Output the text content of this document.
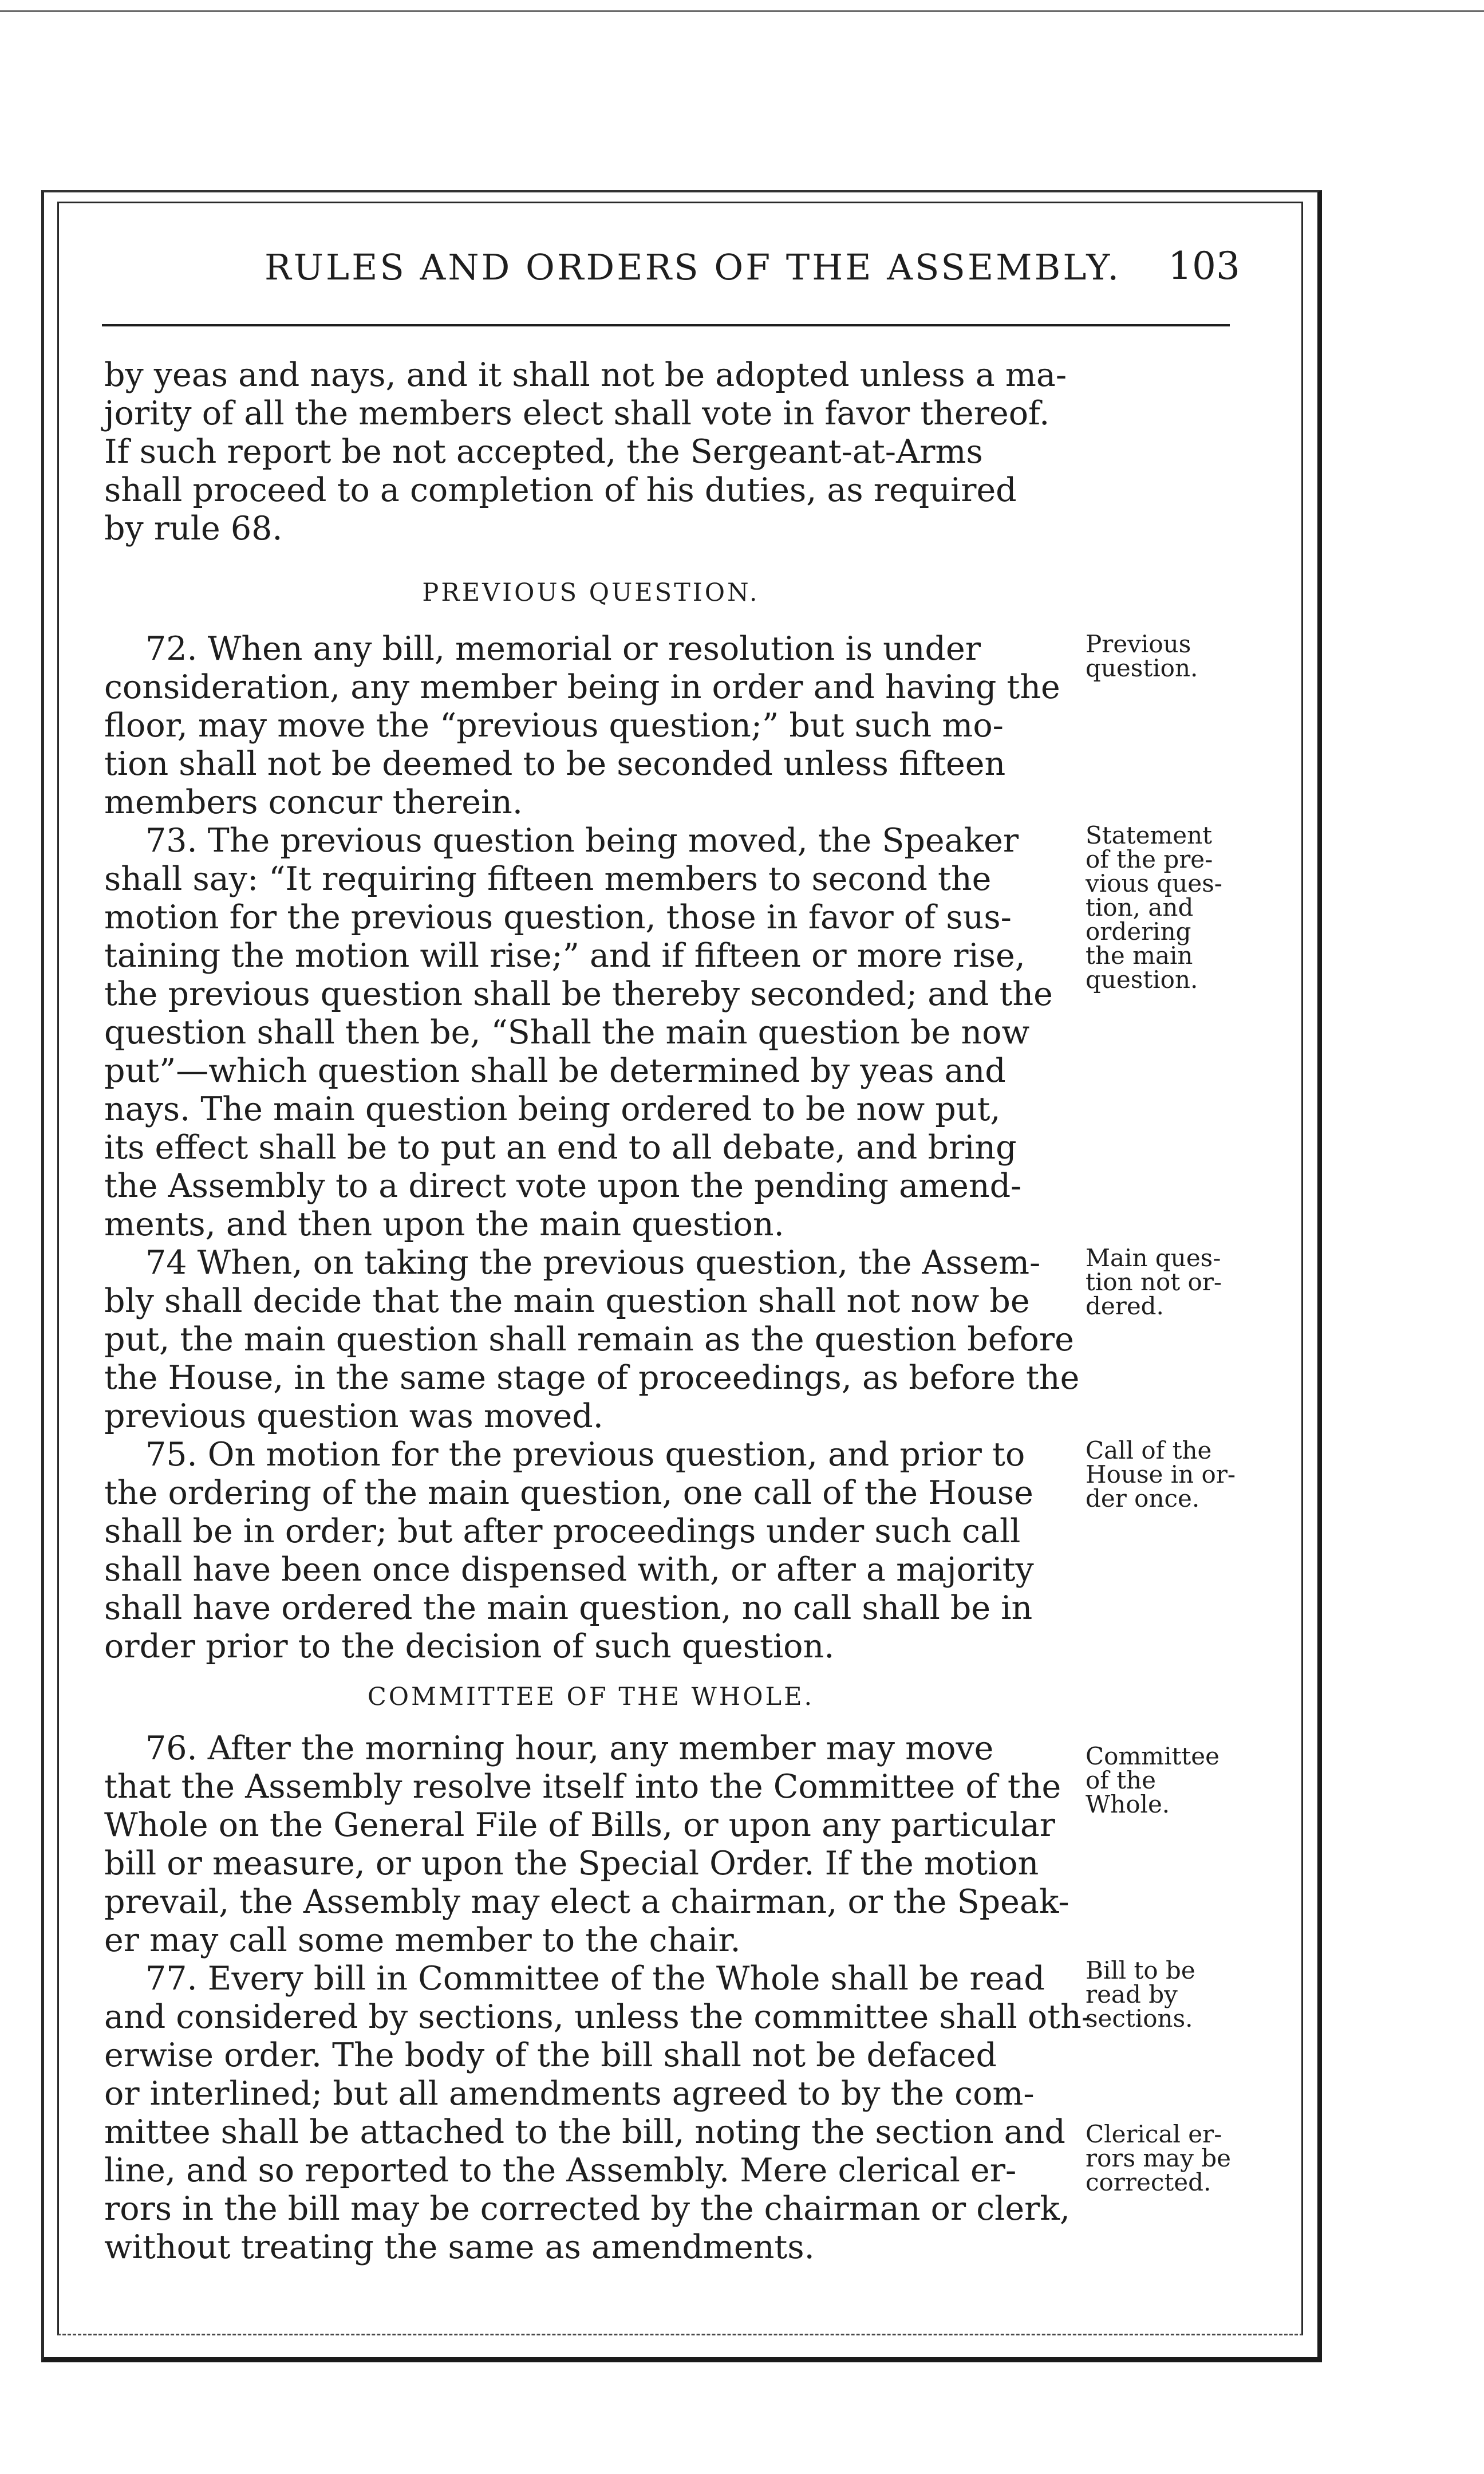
RULES AND ORDERS OF THE ASSEMBLY. 103
by yeas and nays, and it shall not be adopted unless a ma-
jority of all the members elect shall vote in favor thereof.
If such report be not accepted, the Sergeant-at-Arms
shall proceed to a completion of his duties, as required
by rule 68.
PREVIOUS QUESTION.
72. When any bill, memorial or resolution is under
consideration, any member being in order and having the
floor, may move the “previous question;” but such mo-
tion shall not be deemed to be seconded unless fifteen
members concur therein.
73. The previous question being moved, the Speaker
shall say: “It requiring fifteen members to second the
motion for the previous question, those in favor of sus-
taining the motion will rise;” and if fifteen or more rise,
the previous question shall be thereby seconded; and the
question shall then be, “Shall the main question be now
put”—which question shall be determined by yeas and
nays. The main question being ordered to be now put,
its effect shall be to put an end to all debate, and bring
the Assembly to a direct vote upon the pending amend-
ments, and then upon the main question.
74 When, on taking the previous question, the Assem-
bly shall decide that the main question shall not now be
put, the main question shall remain as the question before
the House, in the same stage of proceedings, as before the
previous question was moved.
75. On motion for the previous question, and prior to
the ordering of the main question, one call of the House
shall be in order; but after proceedings under such call
shall have been once dispensed with, or after a majority
shall have ordered the main question, no call shall be in
order prior to the decision of such question.
COMMITTEE OF THE WHOLE.
76. After the morning hour, any member may move
that the Assembly resolve itself into the Committee of the
Whole on the General File of Bills, or upon any particular
bill or measure, or upon the Special Order. If the motion
prevail, the Assembly may elect a chairman, or the Speak-
er may call some member to the chair.
77. Every bill in Committee of the Whole shall be read
and considered by sections, unless the committee shall oth-
erwise order. The body of the bill shall not be defaced
or interlined; but all amendments agreed to by the com-
mittee shall be attached to the bill, noting the section and
line, and so reported to the Assembly. Mere clerical er-
rors in the bill may be corrected by the chairman or clerk,
without treating the same as amendments.
Previous
question.
Statement
of the pre-
vious ques-
tion, and
ordering
the main
question.
Main ques-
tion not or-
dered.
Call of the
House in or-
der once.
Committee
of the
Whole.
Bill to be
read by
sections.
Clerical er-
rors may be
corrected.
